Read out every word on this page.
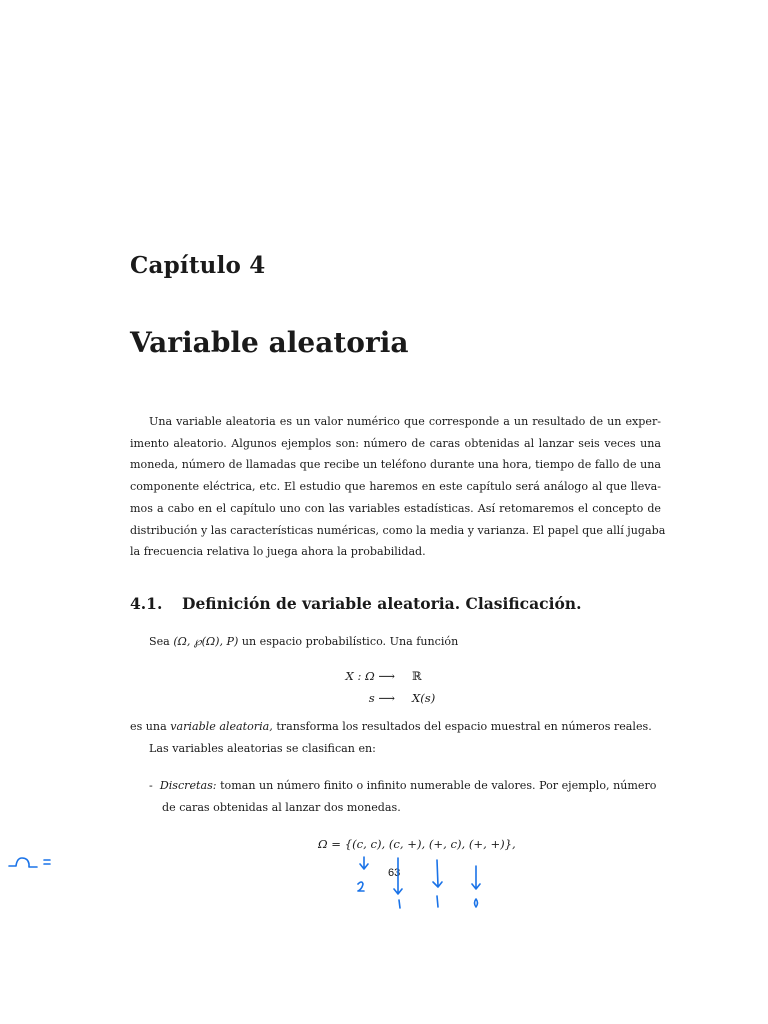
Capítulo 4
Variable aleatoria
Una variable aleatoria es un valor numérico que corresponde a un resultado de un exper-
imento aleatorio. Algunos ejemplos son: número de caras obtenidas al lanzar seis veces una
moneda, número de llamadas que recibe un teléfono durante una hora, tiempo de fallo de una
componente eléctrica, etc. El estudio que haremos en este capítulo será análogo al que lleva-
mos a cabo en el capítulo uno con las variables estadísticas. Así retomaremos el concepto de
distribución y las características numéricas, como la media y varianza. El papel que allí jugaba
la frecuencia relativa lo juega ahora la probabilidad.
4.1. Definición de variable aleatoria. Clasificación.

Sea (Ω, ℘(Ω), P) un espacio probabilístico. Una función

X : Ω ⟶ ℝ
s ⟶ X(s)

es una variable aleatoria, transforma los resultados del espacio muestral en números reales.

Las variables aleatorias se clasifican en:

- Discretas: toman un número finito o infinito numerable de valores. Por ejemplo, número

de caras obtenidas al lanzar dos monedas.

Ω = {(c, c), (c, +), (+, c), (+, +)},
63
